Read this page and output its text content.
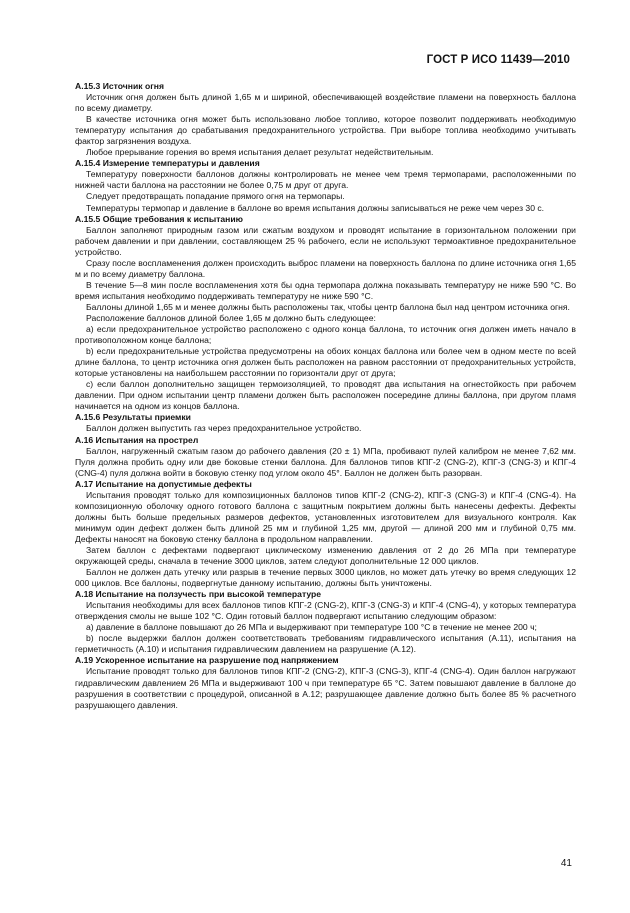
ГОСТ Р ИСО 11439—2010
А.15.3 Источник огня

Источник огня должен быть длиной 1,65 м и шириной, обеспечивающей воздействие пламени на поверхность баллона по всему диаметру.

В качестве источника огня может быть использовано любое топливо, которое позволит поддерживать необходимую температуру испытания до срабатывания предохранительного устройства. При выборе топлива необходимо учитывать фактор загрязнения воздуха.

Любое прерывание горения во время испытания делает результат недействительным.

А.15.4 Измерение температуры и давления

Температуру поверхности баллонов должны контролировать не менее чем тремя термопарами, расположенными по нижней части баллона на расстоянии не более 0,75 м друг от друга.

Следует предотвращать попадание прямого огня на термопары.

Температуры термопар и давление в баллоне во время испытания должны записываться не реже чем через 30 с.

А.15.5 Общие требования к испытанию

Баллон заполняют природным газом или сжатым воздухом и проводят испытание в горизонтальном положении при рабочем давлении и при давлении, составляющем 25 % рабочего, если не используют термоактивное предохранительное устройство.

Сразу после воспламенения должен происходить выброс пламени на поверхность баллона по длине источника огня 1,65 м и по всему диаметру баллона.

В течение 5—8 мин после воспламенения хотя бы одна термопара должна показывать температуру не ниже 590 °С. Во время испытания необходимо поддерживать температуру не ниже 590 °С.

Баллоны длиной 1,65 м и менее должны быть расположены так, чтобы центр баллона был над центром источника огня.

Расположение баллонов длиной более 1,65 м должно быть следующее:

а) если предохранительное устройство расположено с одного конца баллона, то источник огня должен иметь начало в противоположном конце баллона;

b) если предохранительные устройства предусмотрены на обоих концах баллона или более чем в одном месте по всей длине баллона, то центр источника огня должен быть расположен на равном расстоянии от предохранительных устройств, которые установлены на наибольшем расстоянии по горизонтали друг от друга;

с) если баллон дополнительно защищен термоизоляцией, то проводят два испытания на огнестойкость при рабочем давлении. При одном испытании центр пламени должен быть расположен посередине длины баллона, при другом пламя начинается на одном из концов баллона.

А.15.6 Результаты приемки

Баллон должен выпустить газ через предохранительное устройство.

А.16 Испытания на прострел

Баллон, нагруженный сжатым газом до рабочего давления (20 ± 1) МПа, пробивают пулей калибром не менее 7,62 мм. Пуля должна пробить одну или две боковые стенки баллона. Для баллонов типов КПГ-2 (CNG-2), КПГ-3 (CNG-3) и КПГ-4 (CNG-4) пуля должна войти в боковую стенку под углом около 45°. Баллон не должен быть разорван.

А.17 Испытание на допустимые дефекты

Испытания проводят только для композиционных баллонов типов КПГ-2 (CNG-2), КПГ-3 (CNG-3) и КПГ-4 (CNG-4). На композиционную оболочку одного готового баллона с защитным покрытием должны быть нанесены дефекты. Дефекты должны быть больше предельных размеров дефектов, установленных изготовителем для визуального контроля. Как минимум один дефект должен быть длиной 25 мм и глубиной 1,25 мм, другой — длиной 200 мм и глубиной 0,75 мм. Дефекты наносят на боковую стенку баллона в продольном направлении.

Затем баллон с дефектами подвергают циклическому изменению давления от 2 до 26 МПа при температуре окружающей среды, сначала в течение 3000 циклов, затем следуют дополнительные 12 000 циклов.

Баллон не должен дать утечку или разрыв в течение первых 3000 циклов, но может дать утечку во время следующих 12 000 циклов. Все баллоны, подвергнутые данному испытанию, должны быть уничтожены.

А.18 Испытание на ползучесть при высокой температуре

Испытания необходимы для всех баллонов типов КПГ-2 (CNG-2), КПГ-3 (CNG-3) и КПГ-4 (CNG-4), у которых температура отверждения смолы не выше 102 °С. Один готовый баллон подвергают испытанию следующим образом:

а) давление в баллоне повышают до 26 МПа и выдерживают при температуре 100 °С в течение не менее 200 ч;

b) после выдержки баллон должен соответствовать требованиям гидравлического испытания (А.11), испытания на герметичность (А.10) и испытания гидравлическим давлением на разрушение (А.12).

А.19 Ускоренное испытание на разрушение под напряжением

Испытание проводят только для баллонов типов КПГ-2 (CNG-2), КПГ-3 (CNG-3), КПГ-4 (CNG-4). Один баллон нагружают гидравлическим давлением 26 МПа и выдерживают 100 ч при температуре 65 °С. Затем повышают давление в баллоне до разрушения в соответствии с процедурой, описанной в А.12; разрушающее давление должно быть более 85 % расчетного разрушающего давления.

41
